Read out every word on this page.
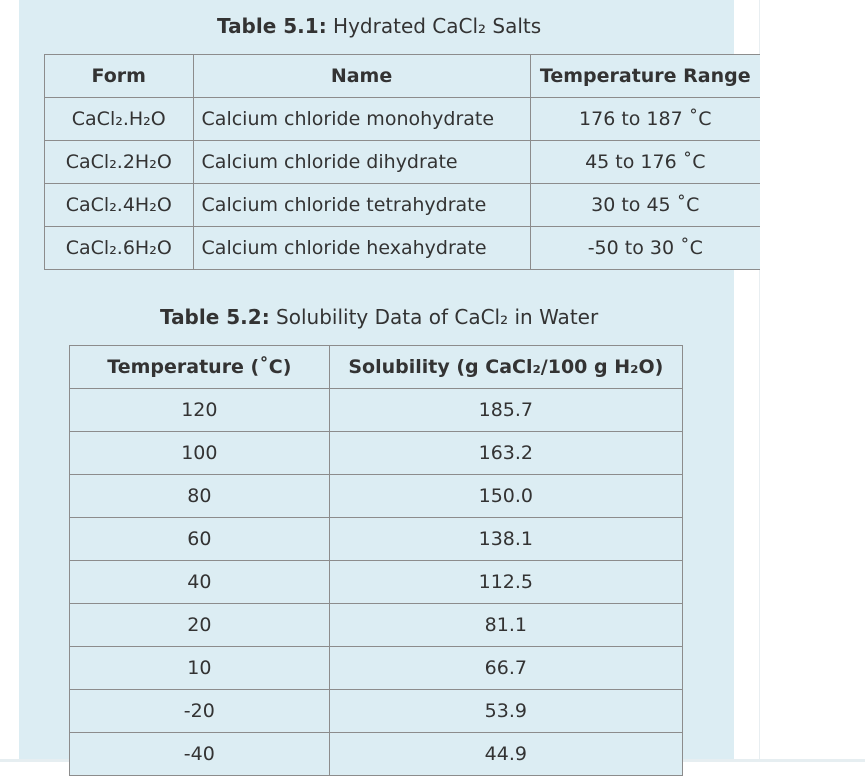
Table 5.1: Hydrated CaCl₂ Salts
Form	Name	Temperature Range
CaCl₂.H₂O	Calcium chloride monohydrate	176 to 187 ˚C
CaCl₂.2H₂O	Calcium chloride dihydrate	45 to 176 ˚C
CaCl₂.4H₂O	Calcium chloride tetrahydrate	30 to 45 ˚C
CaCl₂.6H₂O	Calcium chloride hexahydrate	-50 to 30 ˚C
Table 5.2: Solubility Data of CaCl₂ in Water
Temperature (˚C)	Solubility (g CaCl₂/100 g H₂O)
120	185.7
100	163.2
80	150.0
60	138.1
40	112.5
20	81.1
10	66.7
-20	53.9
-40	44.9
